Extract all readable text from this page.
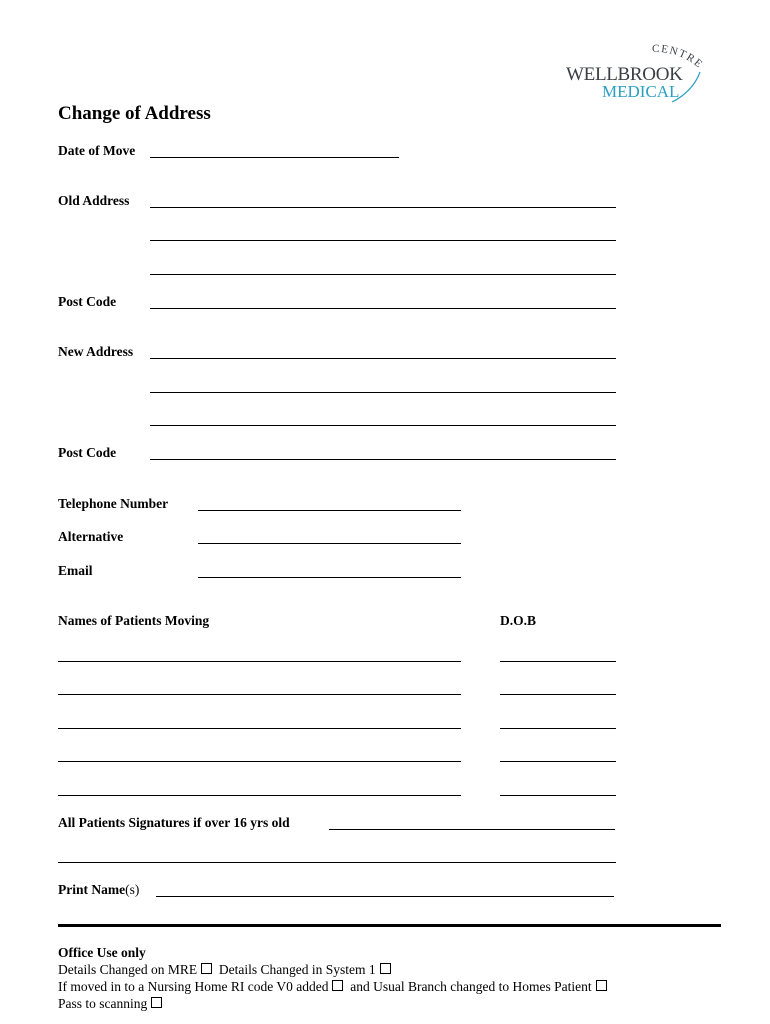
CENTRE
WELLBROOK
MEDICAL
Change of Address
Date of Move
Old Address
Post Code
New Address
Post Code
Telephone Number
Alternative
Email
Names of Patients Moving	D.O.B
All Patients Signatures if over 16 yrs old
Print Name(s)
Office Use only
Details Changed on MRE Details Changed in System 1
If moved in to a Nursing Home RI code V0 added and Usual Branch changed to Homes Patient
Pass to scanning
